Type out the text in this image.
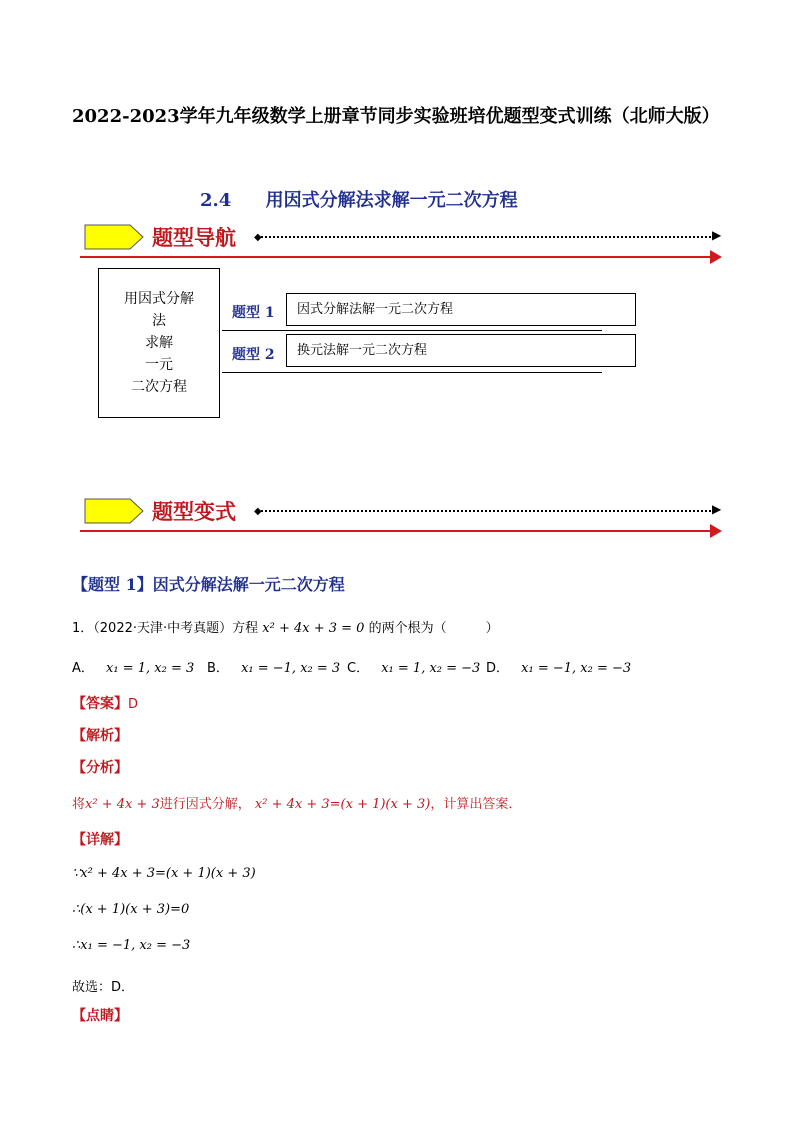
2022-2023学年九年级数学上册章节同步实验班培优题型变式训练（北师大版）
2.4 用因式分解法求解一元二次方程
题型导航 ◆	▶
用因式分解
法
求解
一元
二次方程
题型 1	因式分解法解一元二次方程
题型 2	换元法解一元二次方程
题型变式 ◆	▶
【题型 1】因式分解法解一元二次方程
1．（2022·天津·中考真题）方程 x² + 4x + 3 = 0 的两个根为（　　　）
A． x₁ = 1, x₂ = 3 B． x₁ = −1, x₂ = 3 C． x₁ = 1, x₂ = −3 D． x₁ = −1, x₂ = −3
【答案】D
【解析】
【分析】
将x² + 4x + 3进行因式分解， x² + 4x + 3=(x + 1)(x + 3)，计算出答案．
【详解】
∵x² + 4x + 3=(x + 1)(x + 3)
∴(x + 1)(x + 3)=0
∴x₁ = −1, x₂ = −3
故选：D．
【点睛】
